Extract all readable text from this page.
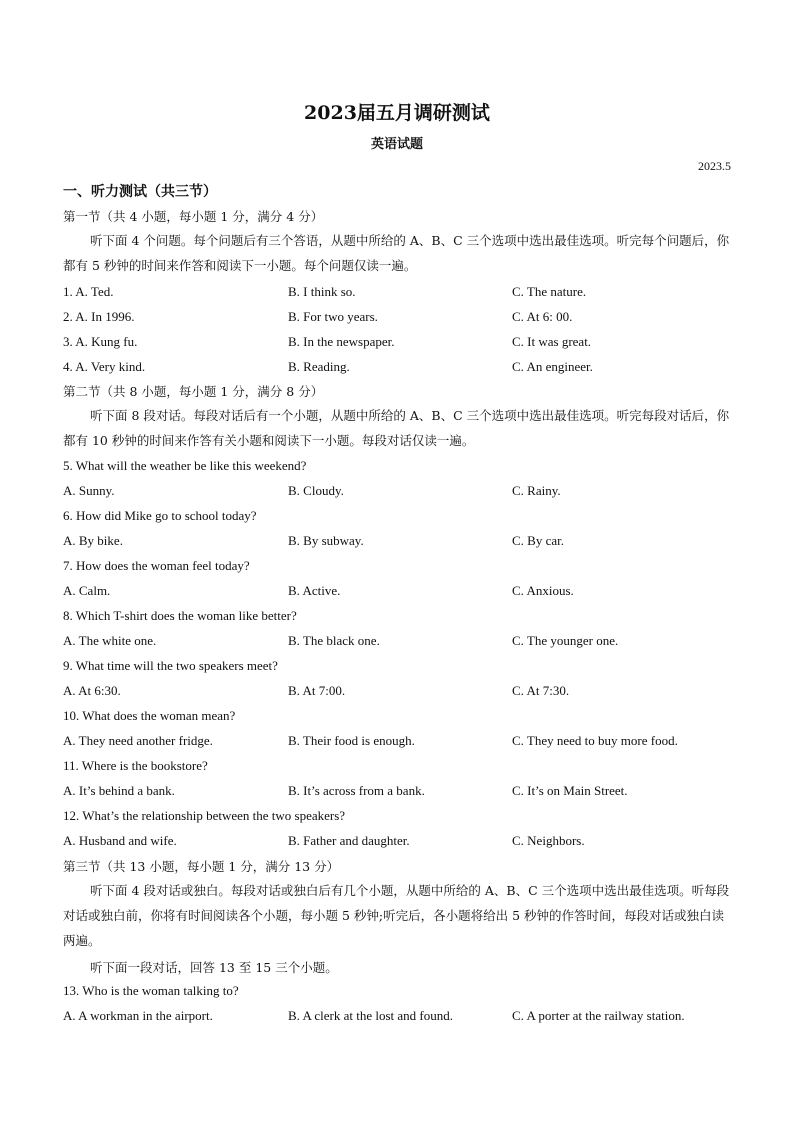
2023届五月调研测试
英语试题
2023.5
一、听力测试（共三节）
第一节（共 4 小题，每小题 1 分，满分 4 分）
听下面 4 个问题。每个问题后有三个答语，从题中所给的 A、B、C 三个选项中选出最佳选项。听完每个问题后，你都有 5 秒钟的时间来作答和阅读下一小题。每个问题仅读一遍。
1. A. Ted.	B. I think so.	C. The nature.
2. A. In 1996.	B. For two years.	C. At 6: 00.
3. A. Kung fu.	B. In the newspaper.	C. It was great.
4. A. Very kind.	B. Reading.	C. An engineer.
第二节（共 8 小题，每小题 1 分，满分 8 分）
听下面 8 段对话。每段对话后有一个小题，从题中所给的 A、B、C 三个选项中选出最佳选项。听完每段对话后，你都有 10 秒钟的时间来作答有关小题和阅读下一小题。每段对话仅读一遍。
5. What will the weather be like this weekend?
A. Sunny.	B. Cloudy.	C. Rainy.
6. How did Mike go to school today?
A. By bike.	B. By subway.	C. By car.
7. How does the woman feel today?
A. Calm.	B. Active.	C. Anxious.
8. Which T-shirt does the woman like better?
A. The white one.	B. The black one.	C. The younger one.
9. What time will the two speakers meet?
A. At 6:30.	B. At 7:00.	C. At 7:30.
10. What does the woman mean?
A. They need another fridge.	B. Their food is enough.	C. They need to buy more food.
11. Where is the bookstore?
A. It’s behind a bank.	B. It’s across from a bank.	C. It’s on Main Street.
12. What’s the relationship between the two speakers?
A. Husband and wife.	B. Father and daughter.	C. Neighbors.
第三节（共 13 小题，每小题 1 分，满分 13 分）
听下面 4 段对话或独白。每段对话或独白后有几个小题，从题中所给的 A、B、C 三个选项中选出最佳选项。听每段对话或独白前，你将有时间阅读各个小题，每小题 5 秒钟;听完后，各小题将给出 5 秒钟的作答时间，每段对话或独白读两遍。
听下面一段对话，回答 13 至 15 三个小题。
13. Who is the woman talking to?
A. A workman in the airport.	B. A clerk at the lost and found.	C. A porter at the railway station.
